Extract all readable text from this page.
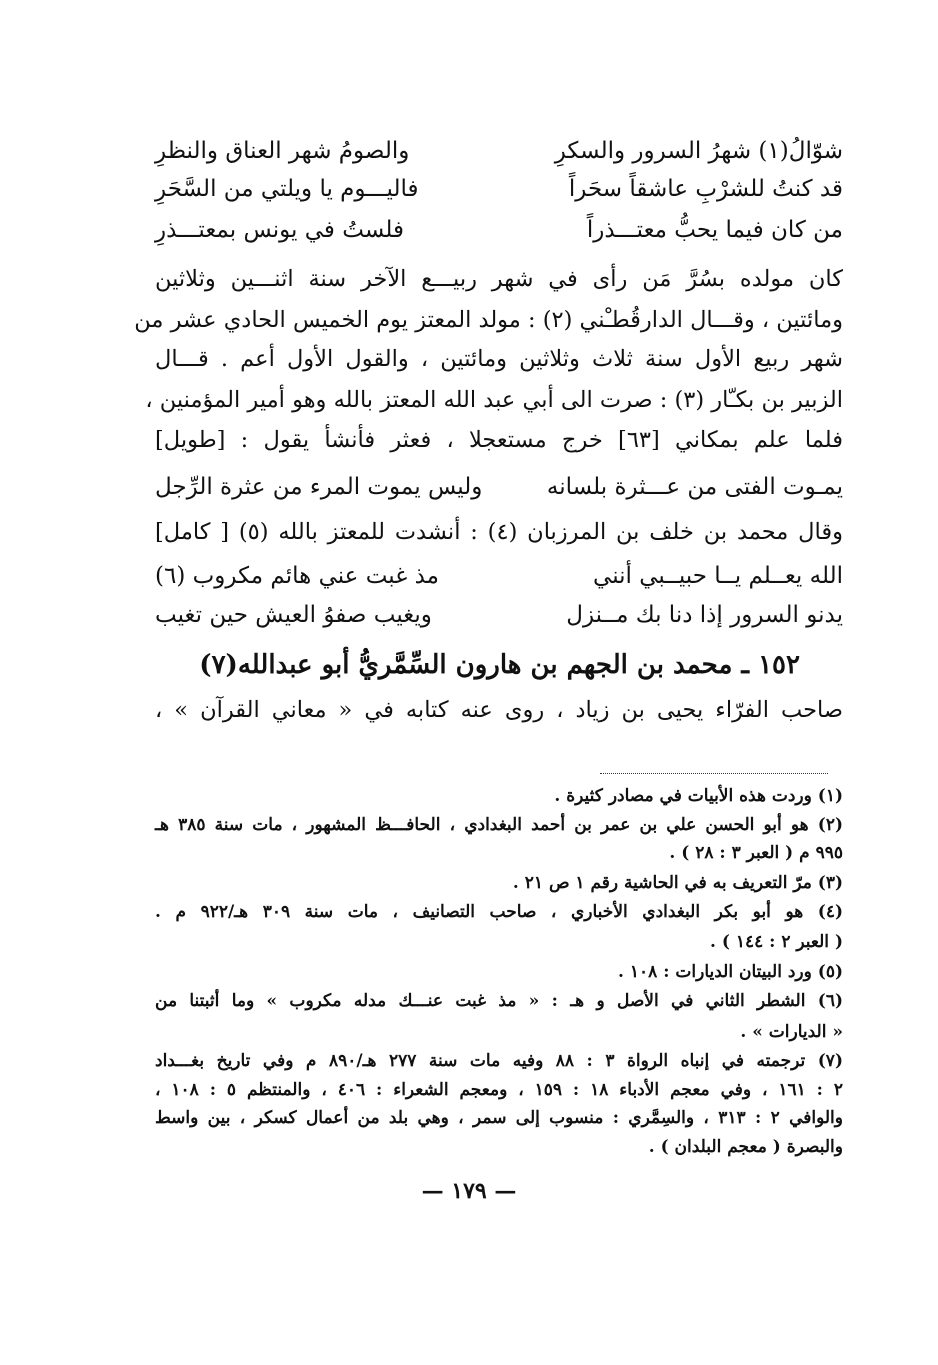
شوّالُ(١) شهرُ السرور والسكرِ
والصومُ شهر العناق والنظرِ
قد كنتُ للشرْبِ عاشقاً سحَراً
فاليـــوم يا ويلتي من السَّحَرِ
من كان فيما يحبُّ معتـــذراً
فلستُ في يونس بمعتـــذرِ
كان مولده بسُرَّ مَن رأى في شهر ربيـــع الآخر سنة اثنـــين وثلاثين
ومائتين ، وقـــال الدارقُطـْني (٢) : مولد المعتز يوم الخميس الحادي عشر من
شهر ربيع الأول سنة ثلاث وثلاثين ومائتين ، والقول الأول أعم . قـــال
الزبير بن بكـّار (٣) : صرت الى أبي عبد الله المعتز بالله وهو أمير المؤمنين ،
فلما علم بمكاني [٦٣] خرج مستعجلا ، فعثر فأنشأ يقول : [طويل]
يمـوت الفتى من عـــثرة بلسانه
وليس يموت المرء من عثرة الرِّجل
وقال محمد بن خلف بن المرزبان (٤) : أنشدت للمعتز بالله (٥) [ كامل]
الله يعــلم يــا حبيــبي أنني
مذ غبت عني هائم مكروب (٦)
يدنو السرور إذا دنا بك مــنزل
ويغيب صفوُ العيش حين تغيب
١٥٢ ـ محمد بن الجهم بن هارون السِّمَّريُّ أبو عبدالله(٧)
صاحب الفرّاء يحيى بن زياد ، روى عنه كتابه في « معاني القرآن » ،
(١) وردت هذه الأبيات في مصادر كثيرة .
(٢) هو أبو الحسن علي بن عمر بن أحمد البغدادي ، الحافـــظ المشهور ، مات سنة ٣٨٥ هـ
٩٩٥ م ( العبر ٣ : ٢٨ ) .
(٣) مرّ التعريف به في الحاشية رقم ١ ص ٢١ .
(٤) هو أبو بكر البغدادي الأخباري ، صاحب التصانيف ، مات سنة ٣٠٩ هـ/٩٢٢ م .
( العبر ٢ : ١٤٤ ) .
(٥) ورد البيتان الديارات : ١٠٨ .
(٦) الشطر الثاني في الأصل و هـ : « مذ غبت عنـــك مدله مكروب » وما أثبتنا من
« الديارات » .
(٧) ترجمته في إنباه الرواة ٣ : ٨٨ وفيه مات سنة ٢٧٧ هـ/٨٩٠ م وفي تاريخ بغـــداد
٢ : ١٦١ ، وفي معجم الأدباء ١٨ : ١٥٩ ، ومعجم الشعراء : ٤٠٦ ، والمنتظم ٥ : ١٠٨ ،
والوافي ٢ : ٣١٣ ، والسِمَّري : منسوب إلى سمر ، وهي بلد من أعمال كسكر ، بين واسط
والبصرة ( معجم البلدان ) .
— ١٧٩ —
